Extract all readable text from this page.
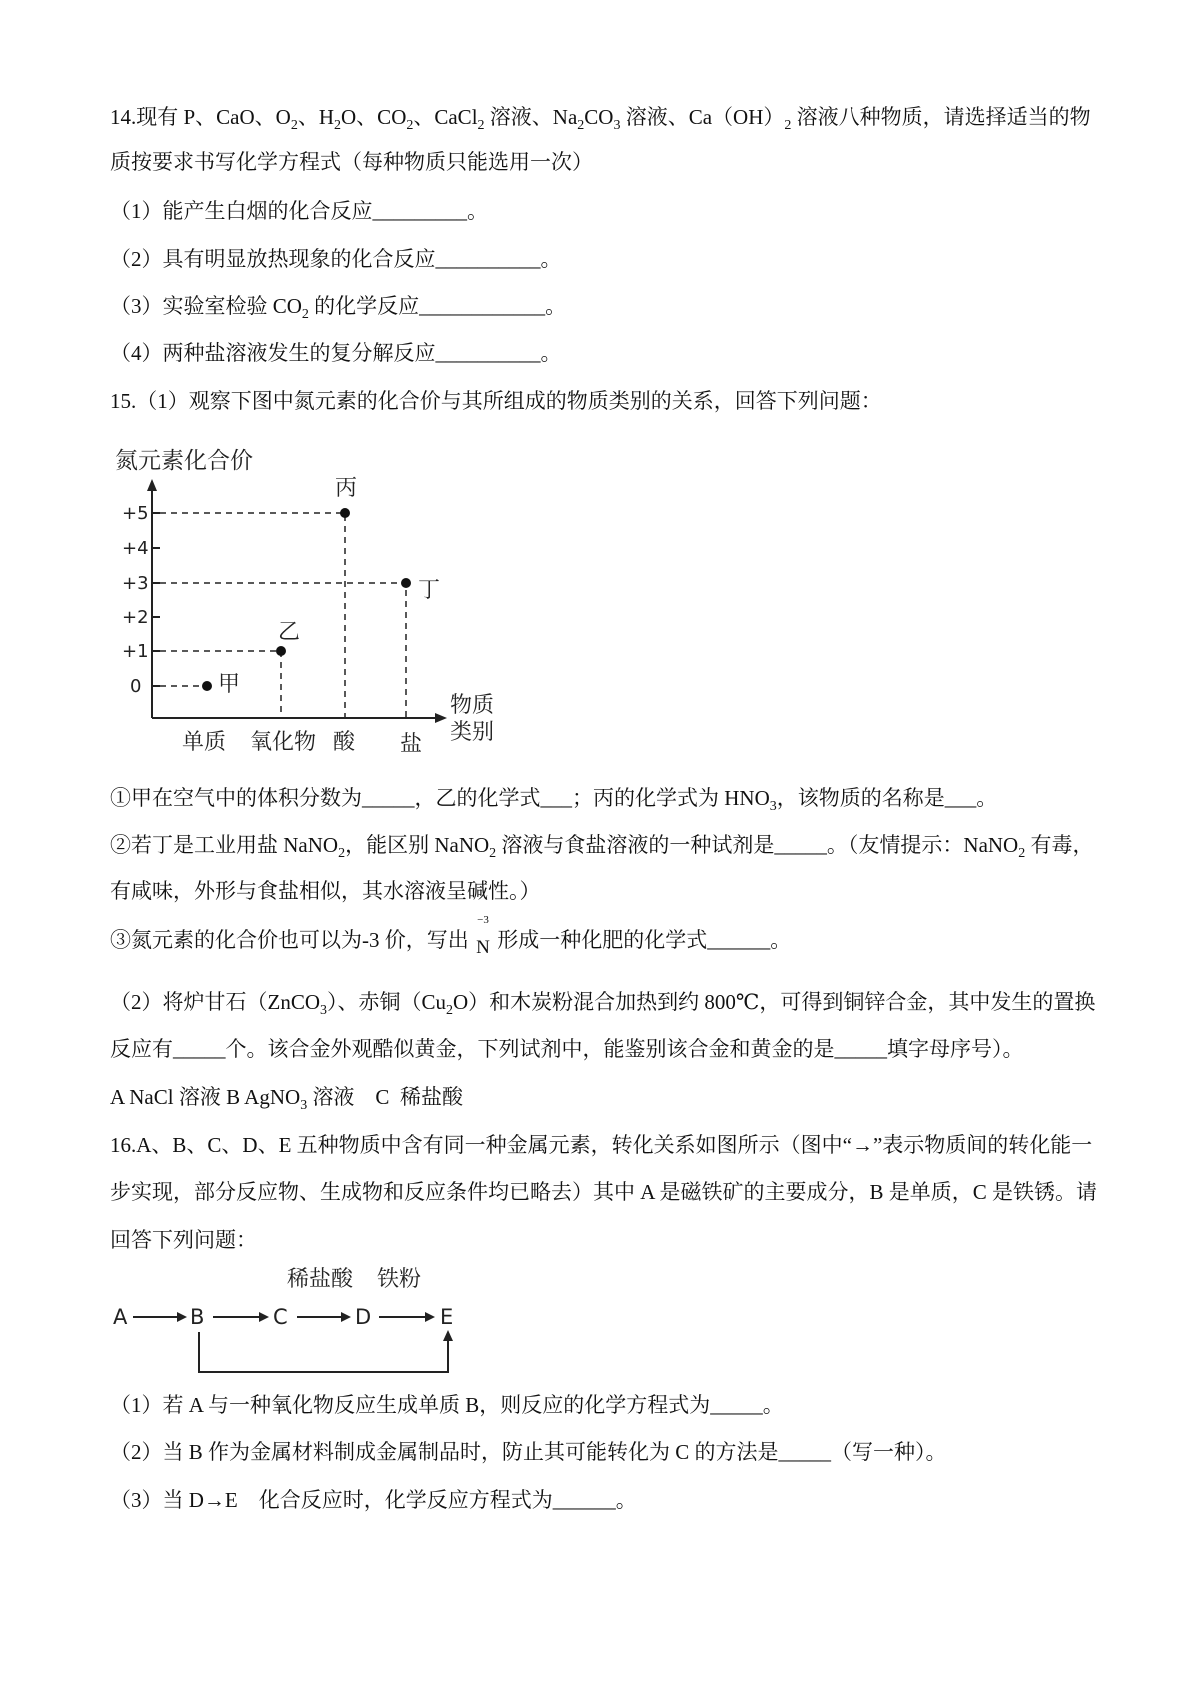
14.现有 P、CaO、$O_2$、$H_2O$、$CO_2$、CaCl$_2$ 溶液、$Na_2CO_3$ 溶液、$Ca(OH)_2$ 溶液八种物质，请选择适当的物
质按要求书写化学方程式（每种物质只能选用一次）
（1）能产生白烟的化合反应_________。
（2）具有明显放热现象的化合反应__________。
（3）实验室检验 $CO_2$ 的化学反应____________。
（4）两种盐溶液发生的复分解反应__________。
15.（1）观察下图中氮元素的化合价与其所组成的物质类别的关系，回答下列问题：
氮元素化合价
+5
+4
+3
+2
+1
0	甲
乙
丙
丁
单质 氧化物 酸 盐
物质
类别
①甲在空气中的体积分数为_____，乙的化学式___；丙的化学式为 $HNO_3$，该物质的名称是___。
②若丁是工业用盐 NaNO$_2$，能区别 NaNO$_2$ 溶液与食盐溶液的一种试剂是_____。（友情提示：NaNO$_2$ 有毒，
有咸味，外形与食盐相似，其水溶液呈碱性。）
③氮元素的化合价也可以为-3 价，写出
−3
N 形成一种化肥的化学式______。
（2）将炉甘石（ZnCO$_3$）、赤铜$(Cu_2O)$和木炭粉混合加热到约 800℃，可得到铜锌合金，其中发生的置换
反应有_____个。该合金外观酷似黄金，下列试剂中，能鉴别该合金和黄金的是_____填字母序号）。
A NaCl 溶液 B AgNO$_3$ 溶液    C  稀盐酸
16.A、B、C、D、E 五种物质中含有同一种金属元素，转化关系如图所示（图中“→”表示物质间的转化能一
步实现，部分反应物、生成物和反应条件均已略去）其中 A 是磁铁矿的主要成分，B 是单质，C 是铁锈。请
回答下列问题：
稀盐酸 铁粉
A	B	C	D	E
（1）若 A 与一种氧化物反应生成单质 B，则反应的化学方程式为_____。
（2）当 B 作为金属材料制成金属制品时，防止其可能转化为 C 的方法是_____（写一种）。
（3）当 D→E    化合反应时，化学反应方程式为______。
